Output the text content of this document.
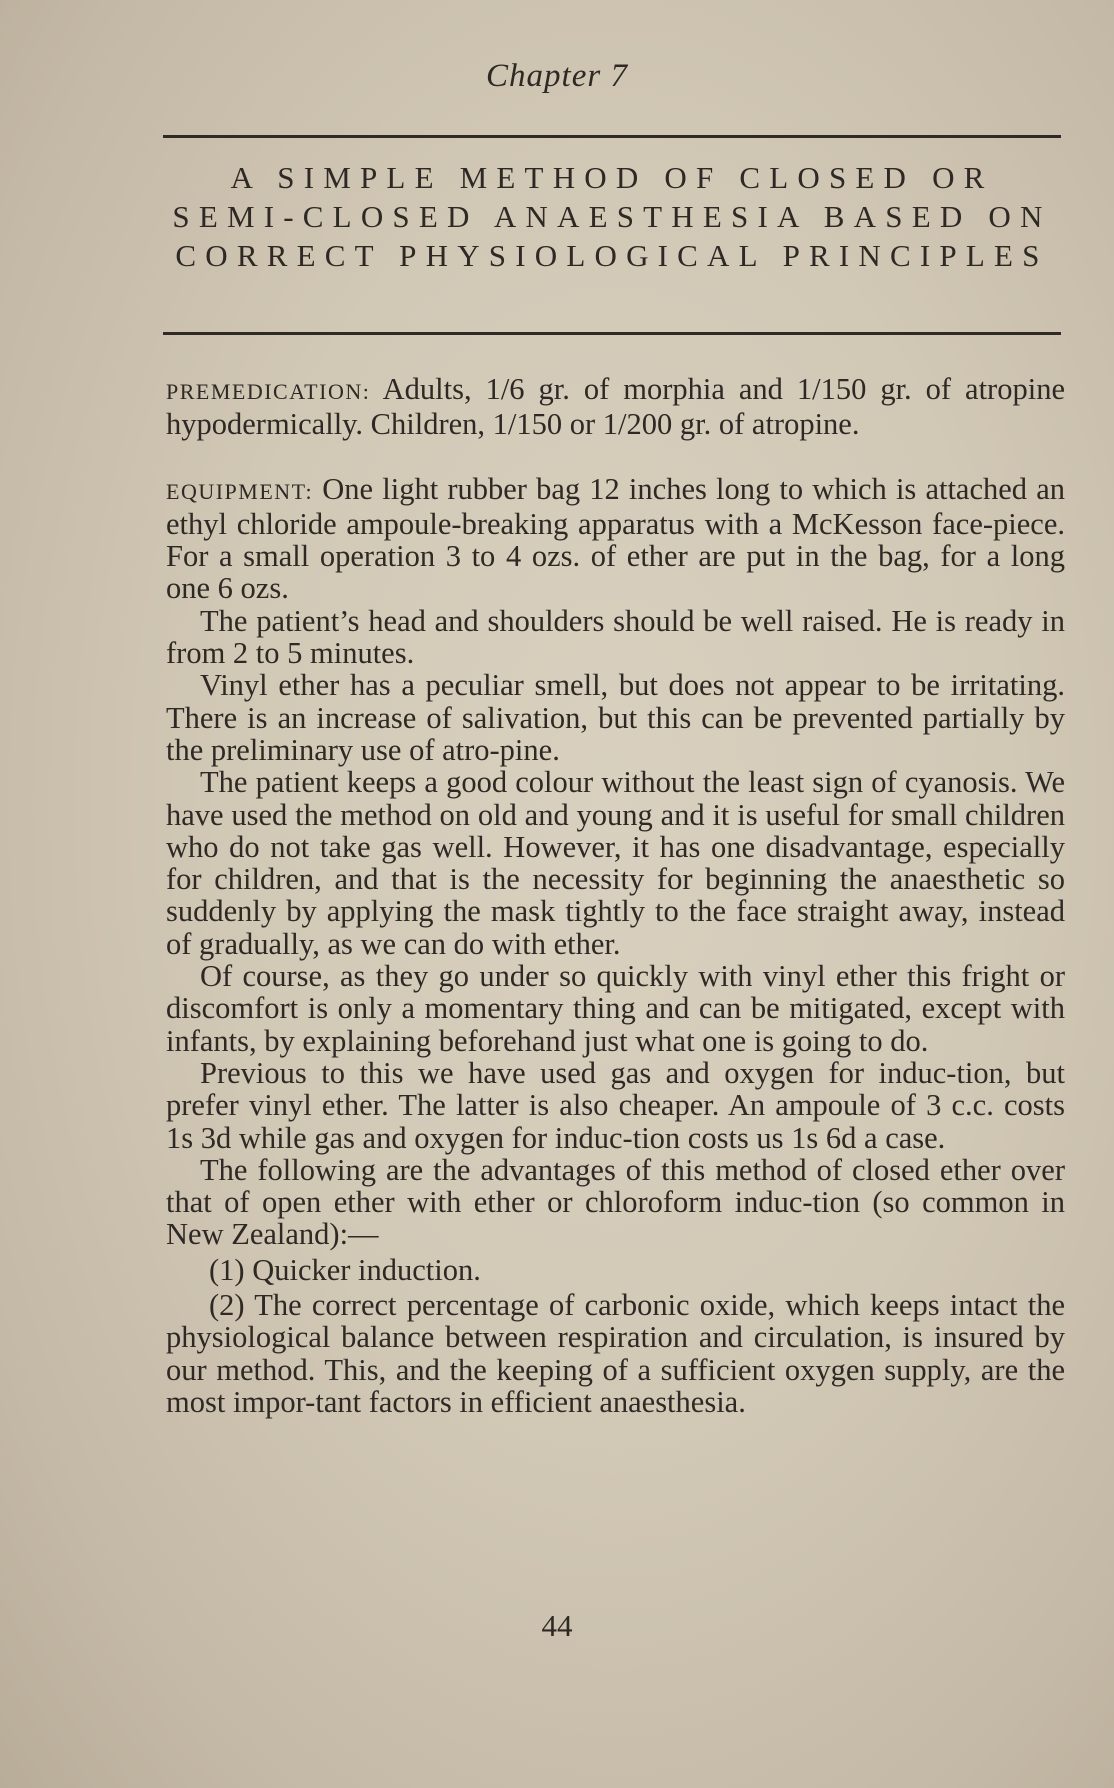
Chapter 7
A SIMPLE METHOD OF CLOSED OR SEMI-CLOSED ANAESTHESIA BASED ON CORRECT PHYSIOLOGICAL PRINCIPLES

PREMEDICATION: Adults, 1/6 gr. of morphia and 1/150 gr. of atropine hypodermically. Children, 1/150 or 1/200 gr. of atropine.

EQUIPMENT: One light rubber bag 12 inches long to which is attached an ethyl chloride ampoule-breaking apparatus with a McKesson face-piece. For a small operation 3 to 4 ozs. of ether are put in the bag, for a long one 6 ozs.

The patient’s head and shoulders should be well raised. He is ready in from 2 to 5 minutes.

Vinyl ether has a peculiar smell, but does not appear to be irritating. There is an increase of salivation, but this can be prevented partially by the preliminary use of atro-pine.

The patient keeps a good colour without the least sign of cyanosis. We have used the method on old and young and it is useful for small children who do not take gas well. However, it has one disadvantage, especially for children, and that is the necessity for beginning the anaesthetic so suddenly by applying the mask tightly to the face straight away, instead of gradually, as we can do with ether.

Of course, as they go under so quickly with vinyl ether this fright or discomfort is only a momentary thing and can be mitigated, except with infants, by explaining beforehand just what one is going to do.

Previous to this we have used gas and oxygen for induc-tion, but prefer vinyl ether. The latter is also cheaper. An ampoule of 3 c.c. costs 1s 3d while gas and oxygen for induc-tion costs us 1s 6d a case.

The following are the advantages of this method of closed ether over that of open ether with ether or chloroform induc-tion (so common in New Zealand):—

(1) Quicker induction.

(2) The correct percentage of carbonic oxide, which keeps intact the physiological balance between respiration and circulation, is insured by our method. This, and the keeping of a sufficient oxygen supply, are the most impor-tant factors in efficient anaesthesia.

44
